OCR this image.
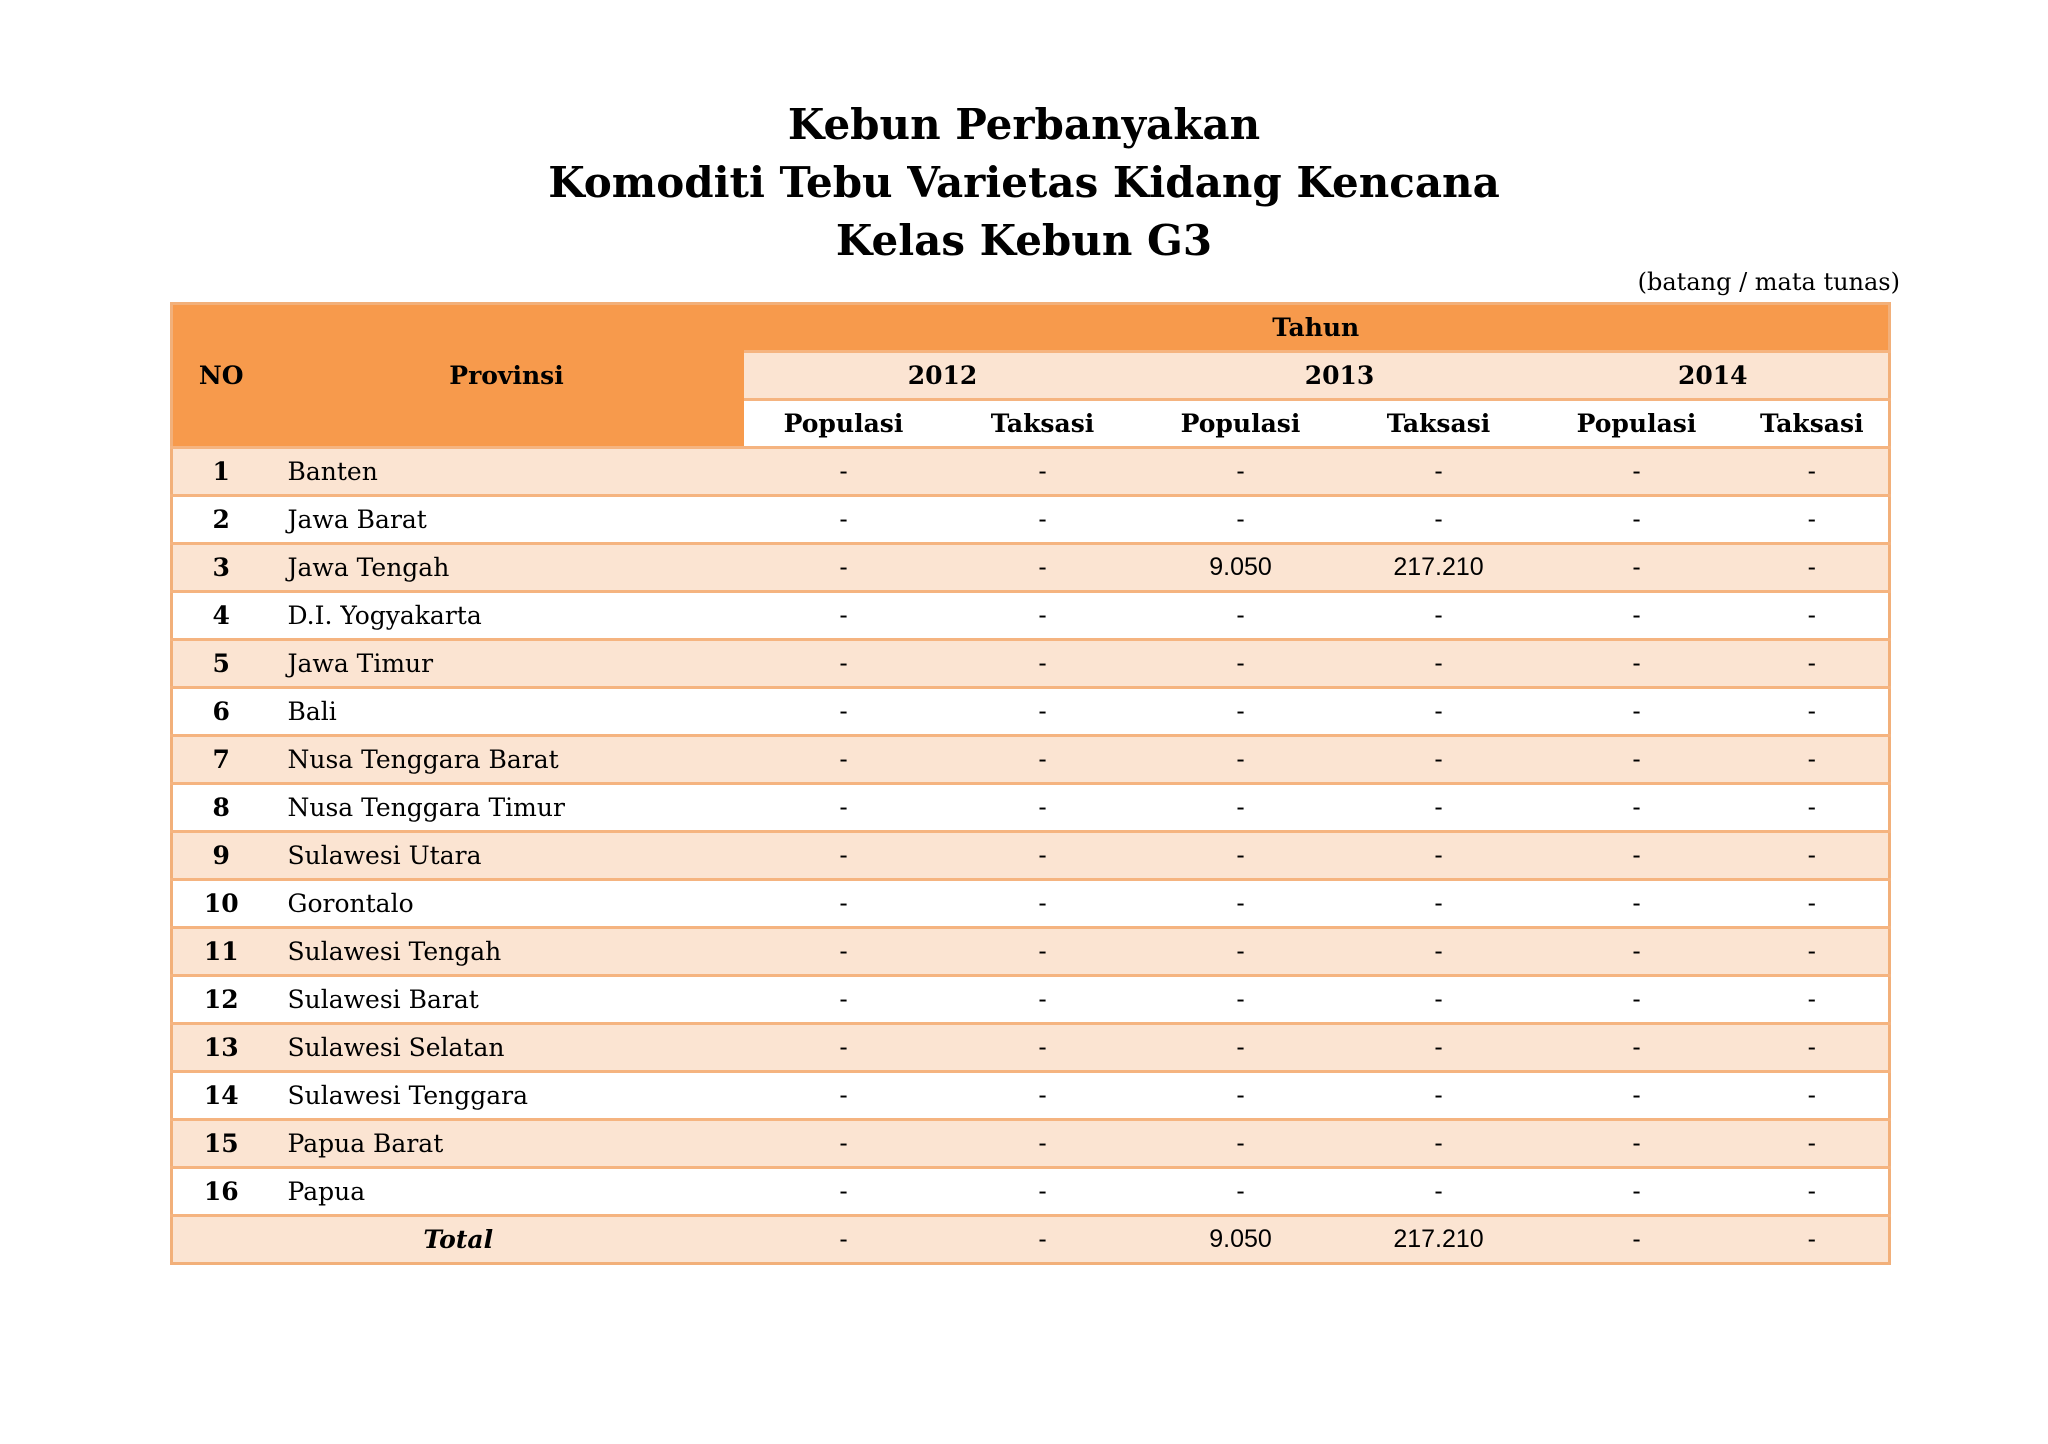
Kebun Perbanyakan
Komoditi Tebu Varietas Kidang Kencana
Kelas Kebun G3
(batang / mata tunas)
NO	Provinsi	Tahun					
		2012		2013		2014	
		Populasi	Taksasi	Populasi	Taksasi	Populasi	Taksasi
1	Banten	-	-	-	-	-	-
2	Jawa Barat	-	-	-	-	-	-
3	Jawa Tengah	-	-	9.050	217.210	-	-
4	D.I. Yogyakarta	-	-	-	-	-	-
5	Jawa Timur	-	-	-	-	-	-
6	Bali	-	-	-	-	-	-
7	Nusa Tenggara Barat	-	-	-	-	-	-
8	Nusa Tenggara Timur	-	-	-	-	-	-
9	Sulawesi Utara	-	-	-	-	-	-
10	Gorontalo	-	-	-	-	-	-
11	Sulawesi Tengah	-	-	-	-	-	-
12	Sulawesi Barat	-	-	-	-	-	-
13	Sulawesi Selatan	-	-	-	-	-	-
14	Sulawesi Tenggara	-	-	-	-	-	-
15	Papua Barat	-	-	-	-	-	-
16	Papua	-	-	-	-	-	-
Total		-	-	9.050	217.210	-	-
